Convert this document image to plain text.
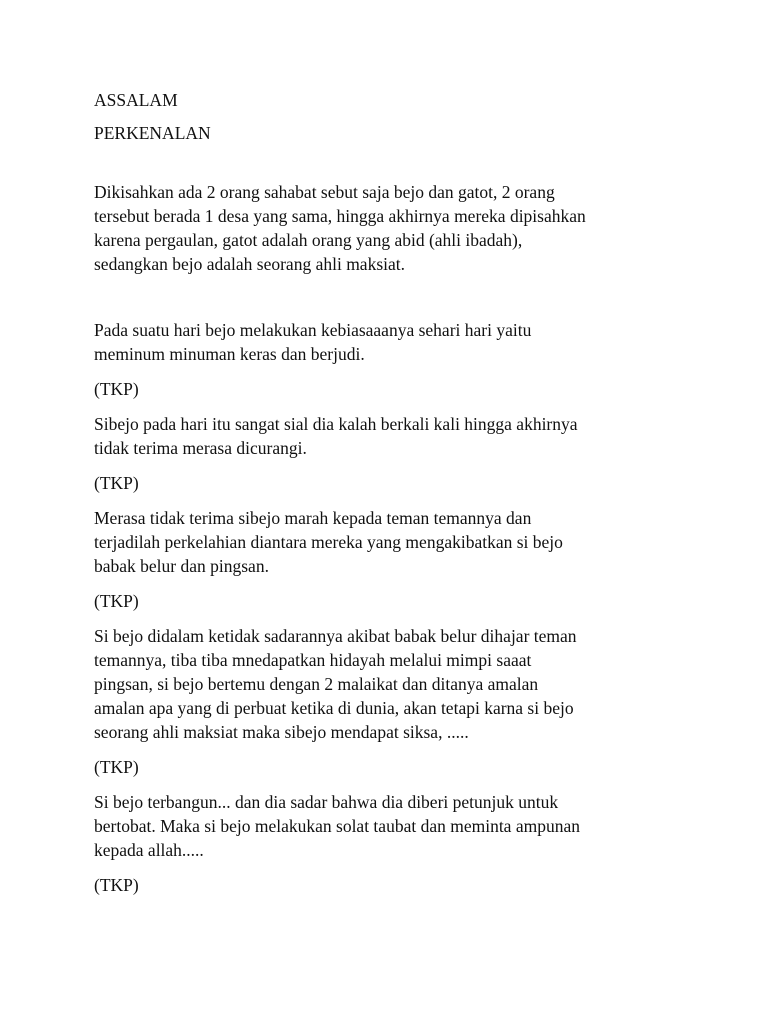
ASSALAM

PERKENALAN

Dikisahkan ada 2 orang sahabat sebut saja bejo dan gatot, 2 orang
tersebut berada 1 desa yang sama, hingga akhirnya mereka dipisahkan
karena pergaulan, gatot adalah orang yang abid (ahli ibadah),
sedangkan bejo adalah seorang ahli maksiat.

Pada suatu hari bejo melakukan kebiasaaanya sehari hari yaitu
meminum minuman keras dan berjudi.

(TKP)

Sibejo pada hari itu sangat sial dia kalah berkali kali hingga akhirnya
tidak terima merasa dicurangi.

(TKP)

Merasa tidak terima sibejo marah kepada teman temannya dan
terjadilah perkelahian diantara mereka yang mengakibatkan si bejo
babak belur dan pingsan.

(TKP)

Si bejo didalam ketidak sadarannya akibat babak belur dihajar teman
temannya, tiba tiba mnedapatkan hidayah melalui mimpi saaat
pingsan, si bejo bertemu dengan 2 malaikat dan ditanya amalan
amalan apa yang di perbuat ketika di dunia, akan tetapi karna si bejo
seorang ahli maksiat maka sibejo mendapat siksa, .....

(TKP)

Si bejo terbangun... dan dia sadar bahwa dia diberi petunjuk untuk
bertobat. Maka si bejo melakukan solat taubat dan meminta ampunan
kepada allah.....

(TKP)
